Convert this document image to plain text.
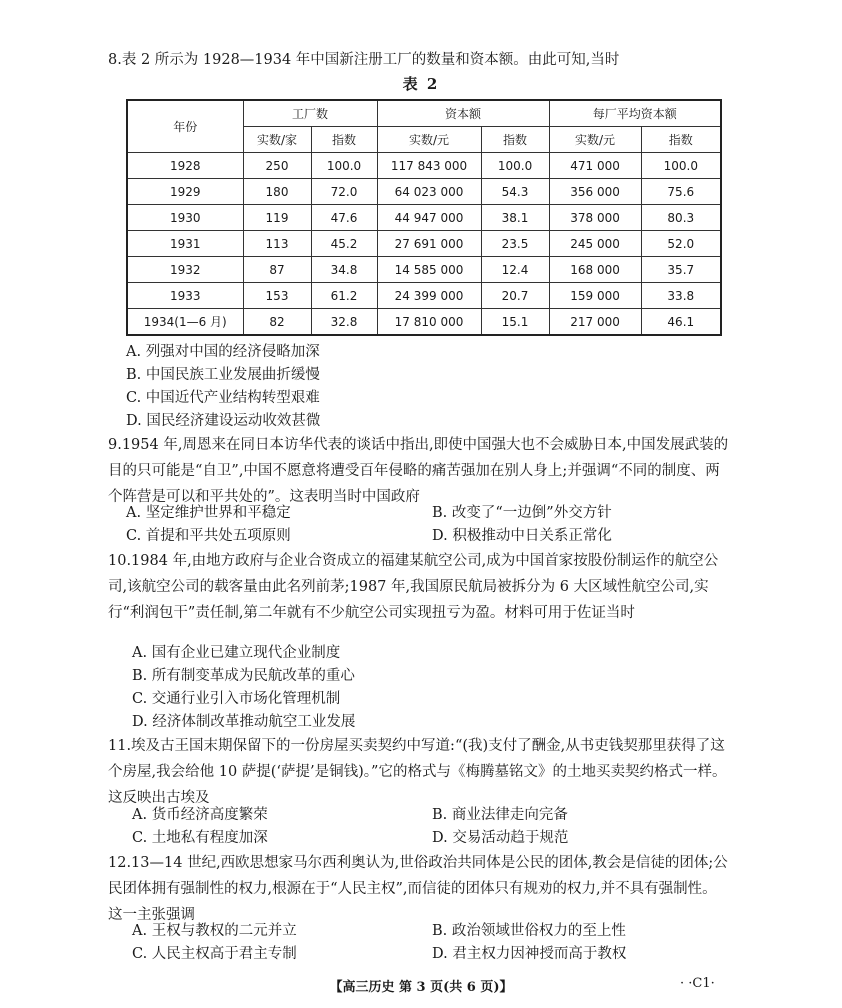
8.表 2 所示为 1928—1934 年中国新注册工厂的数量和资本额。由此可知,当时
表 2
年份	工厂数		资本额		每厂平均资本额	
	实数/家	指数	实数/元	指数	实数/元	指数
1928	250	100.0	117 843 000	100.0	471 000	100.0
1929	180	72.0	64 023 000	54.3	356 000	75.6
1930	119	47.6	44 947 000	38.1	378 000	80.3
1931	113	45.2	27 691 000	23.5	245 000	52.0
1932	87	34.8	14 585 000	12.4	168 000	35.7
1933	153	61.2	24 399 000	20.7	159 000	33.8
1934(1—6 月)	82	32.8	17 810 000	15.1	217 000	46.1
A. 列强对中国的经济侵略加深
B. 中国民族工业发展曲折缓慢
C. 中国近代产业结构转型艰难
D. 国民经济建设运动收效甚微
9.1954 年,周恩来在同日本访华代表的谈话中指出,即使中国强大也不会威胁日本,中国发展武装的目的只可能是“自卫”,中国不愿意将遭受百年侵略的痛苦强加在别人身上;并强调“不同的制度、两个阵营是可以和平共处的”。这表明当时中国政府
A. 坚定维护世界和平稳定	B. 改变了“一边倒”外交方针
C. 首提和平共处五项原则	D. 积极推动中日关系正常化
10.1984 年,由地方政府与企业合资成立的福建某航空公司,成为中国首家按股份制运作的航空公司,该航空公司的载客量由此名列前茅;1987 年,我国原民航局被拆分为 6 大区域性航空公司,实行“利润包干”责任制,第二年就有不少航空公司实现扭亏为盈。材料可用于佐证当时
A. 国有企业已建立现代企业制度
B. 所有制变革成为民航改革的重心
C. 交通行业引入市场化管理机制
D. 经济体制改革推动航空工业发展
11.埃及古王国末期保留下的一份房屋买卖契约中写道:“(我)支付了酬金,从书吏钱契那里获得了这个房屋,我会给他 10 萨提(‘萨提’是铜钱)。”它的格式与《梅腾墓铭文》的土地买卖契约格式一样。这反映出古埃及
A. 货币经济高度繁荣	B. 商业法律走向完备
C. 土地私有程度加深	D. 交易活动趋于规范
12.13—14 世纪,西欧思想家马尔西利奥认为,世俗政治共同体是公民的团体,教会是信徒的团体;公民团体拥有强制性的权力,根源在于“人民主权”,而信徒的团体只有规劝的权力,并不具有强制性。这一主张强调
A. 王权与教权的二元并立	B. 政治领域世俗权力的至上性
C. 人民主权高于君主专制	D. 君主权力因神授而高于教权
【高三历史 第 3 页(共 6 页)】	· ·C1·
